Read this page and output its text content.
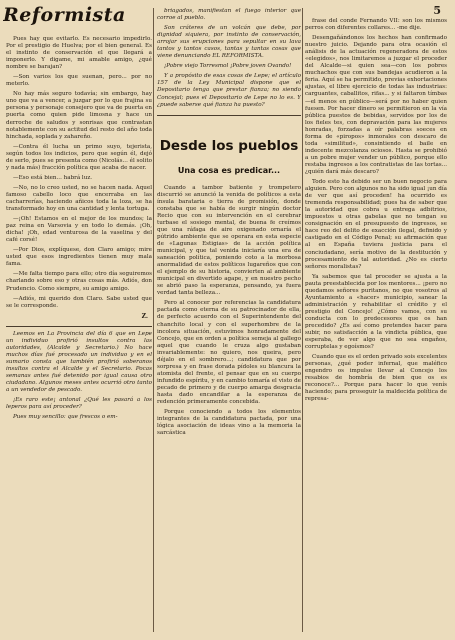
Reformista	5

Pues hay que evitarlo. Es necesario impedirlo. Por el prestigio de Huelva; por el bien general. Es el instinto de conservación el que llegará a imponerlo. Y digame, mi amable amigo, ¿qué nombre se barajan?

—Son varios los que suenan, pero... por no meterlo.

No hay más seguro todavía; sin embargo, hay uno que va a vencer, a juzgar por lo que frajina su persona y personaje consejero que va de puerta en puerta como quien pide limosna y hace un derroche de saludos y sonrisas que contrastan notablemente con su actitud del resto del año toda hinchada, soplada y zahareño.

—Contra él lucha un primo suyo, tejerista, según todos los indicios, pero que según él, dejó de serlo, pues se presenta como (Nicolás... él solito y nada más) fracción política que acaba de nacer.

—Eso está bien... habrá luz.

—No, no lo creo usted, no se hacen nada. Aquel famoso cabello loco que encerraba en las cacharrerías, haciendo añicos toda la loza, se ha transformado hoy en una cantidad y lenta tortuga.

—¡Oh! Estamos en el mejor de los mundos; la paz reina en Varsovia y en todo lo demás. ¡Oh, dicha! ¡Oh, edad venturosa de la vaselina y del café corsé!

—Por Dios, explíquese, don Claro amigo; mire usted que esos ingredientes tienen muy mala fama.

—Me falta tiempo para ello; otro día seguiremos charlando sobre eso y otras cosas más. Adiós, don Prudencio. Como siempre, su amigo amigo.

—Adiós, mi querido don Claro. Sabe usted que se le corresponde.

Z.

Leemos en La Provincia del día 6 que en Lepe un individuo profirió insultos contra las autoridades, (Alcalde y Secretario.) No hace muchos días fué procesado un individuo y en el sumario consta que también profirió soberanos insultos contra el Alcalde y el Secretario. Pocas semanas antes fué detenido por igual causa otro ciudadano. Algunos meses antes ocurrió otro tanto a un vendedor de pescado.

¡Es raro este¡ antonal ¿Qué les pasará a los leperos para así proceder?

Pues muy sencillo: que frescos o em-

briagados, manifiestan el fuego interior que corroe al pueblo.

Son cráteres de un volcán que debe, por dignidad siquiera, por instinto de conservación, arrojar sus erupciones para sepultar en su lava tantos y tantos casos, tantas y tantas cosas que viene denunciando EL REFORMISTA.

¡Pobre viejo Torresmol ¡Pobre joven Ovando!

Y a propósito de esas cosas de Lepe; el artículo 157 de la Ley Municipal dispone que el Depositario tenga que prestar fianza; no siendo Concejal; pues el Depositario de Lepe no lo es. Y ¿puede saberse qué fianza ha puesto?

Desde los pueblos
Una cosa es predicar...

Cuando a tambor batiente y trompetero discurrió se anunció la venida de políticos a esta ínsula barataria o tierra de promisión, donde constaba que se había de surgir ningún doctor Recio que con su intervención en el cerebrar turbase el sosiego mental, de buena fe creímos que una ráfaga de aire oxigenado ornaría el pútrido ambiente que se operara en esta especie de «Lagunas Estigias» de la acción política municipal, y que tal venida iniciaría una era de saneación política, poniendo coto a la morbosa anormalidad de estos políticos lugareños que con el ejemplo de su historia, convierten al ambiente municipal en divertido agape, y en nuestro pecho se abrió paso la esperanza, pensando, ya fuera verdad tanta belleza...

Pero al conocer por referencias la candidatura pactada como eterna de su patrocinador de ella, de perfecto acuerdo con el Superintendente del chanchito local y con el superhombre de la incolora situación, estuvimos honradamente del Concejo, que en orden a política semeja al gallego aquel que cuando le cruza algo gustaban invariablemente: no quiero, nos queira, pero déjalo en el sombrero...; candidatura que por sorpresa y en frase dorada pídoles su blancura la atomista del frente, el pensar que en su cuerpo infundido espíritu, y en cambio tomaría el visto de pecado de primero y de cuerpo amarga desgracia hasta dado encandilar a la esperanza de redención primeramente concebida.

Porque conociendo a todos los elementos integrantes de la candidatura pactada, por una lógica asociación de ideas vino a la memoria la sarcástica

frase del conde Fernando VII: son los mismos perros con diferentes collares... -me dije.

Desengañándonos los hechos han confirmado nuestro juicio. Dejando para otra ocasión el análisis de la actuación regeneradora de estos «elegidos», nos limitaremos a juzgar el proceder del Alcalde—si quien sea—con los pobres muchachos que con sus bandejas acudieron a la feria. Aquí se ha permitido, previas exhortaciones ajustas, el libre ejercicio de todas las industrias: carguantes, caballitos, rifas... y si faltaron tímbas—el menos en público—será por no haber quien fuesen. Por hacer dinero se permitieron en la vía pública puestos de bebidas, servidos por los de los fieles tes, con depravación para las mujeres honradas, forzadas a oír palabras soeces en forma de «piropos» inmorales con descaro de toda «similitud», consintiendo el baile en indecente mezcolanza ociosos. Hasta se prohibió a un pobre mujer vender un público, porque ello restaba ingresos a los contratistas de las tortas...¿quién dará más descaro?

Todo esto ha debido ser un buen negocio para alguien. Pero con algunos no ha sido igual ¡un día de ver que así proceden! ha ocurrido es tremenda responsabilidad; pues ha de saber que la autoridad que cobra u entrega adbitrios, impuestos u otras gabelas que no tengan su consignación en el presupuesto de ingresos, se hace reo del delito de exacción ilegal, definido y castigado en el Código Penal; su afirmación que al en España tuviera justicia para el conciudadano, sería motivo de la destitución y procesamiento de tal autoridad. ¿No es cierto señores moralistas?

Ya sabemos que tal proceder se ajusta a la pauta preestablecida por los mentores... ¡pero no quedamos señores puritanos, no que vosotros al Ayuntamiento a «hacer» municipio, sanear la administración y rehabilitar el crédito y el prestigio del Concejo! ¿Cómo vamos, con su conducta con lo predecesores que os han precedido? ¿Es así como pretendes hacer para subir, no satisfacción a la vindicta pública, que esperaba, de ver algo que no sea engaños, corruptelas y egoísmos?

Cuando que es el orden privado sois excelentes personas, ¿qué poder infernal, que maléfico engendro os impulse llevar al Concejo los resabios de hombría de bien que os es reconoce?... Porque para hacer lo que venís haciendo; para proseguir la maldecida política de represa-
